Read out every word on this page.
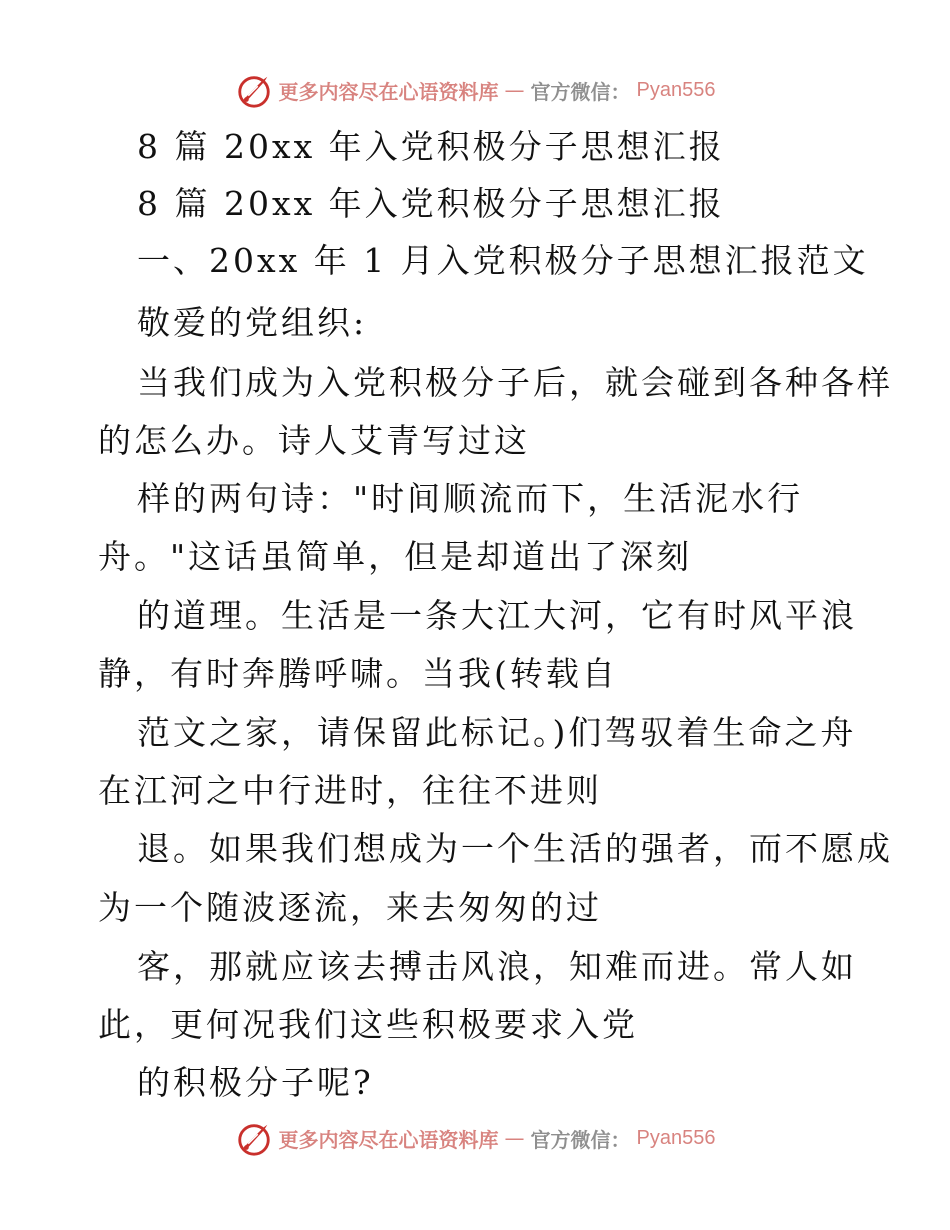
更多内容尽在心语资料库 — 官方微信： Pyan556
8 篇 20xx 年入党积极分子思想汇报
8 篇 20xx 年入党积极分子思想汇报
一、20xx 年 1 月入党积极分子思想汇报范文
敬爱的党组织:
当我们成为入党积极分子后，就会碰到各种各样
的怎么办。诗人艾青写过这
样的两句诗："时间顺流而下，生活泥水行
舟。"这话虽简单，但是却道出了深刻
的道理。生活是一条大江大河，它有时风平浪
静，有时奔腾呼啸。当我(转载自
范文之家，请保留此标记。)们驾驭着生命之舟
在江河之中行进时，往往不进则
退。如果我们想成为一个生活的强者，而不愿成
为一个随波逐流，来去匆匆的过
客，那就应该去搏击风浪，知难而进。常人如
此，更何况我们这些积极要求入党
的积极分子呢?
更多内容尽在心语资料库 — 官方微信： Pyan556
